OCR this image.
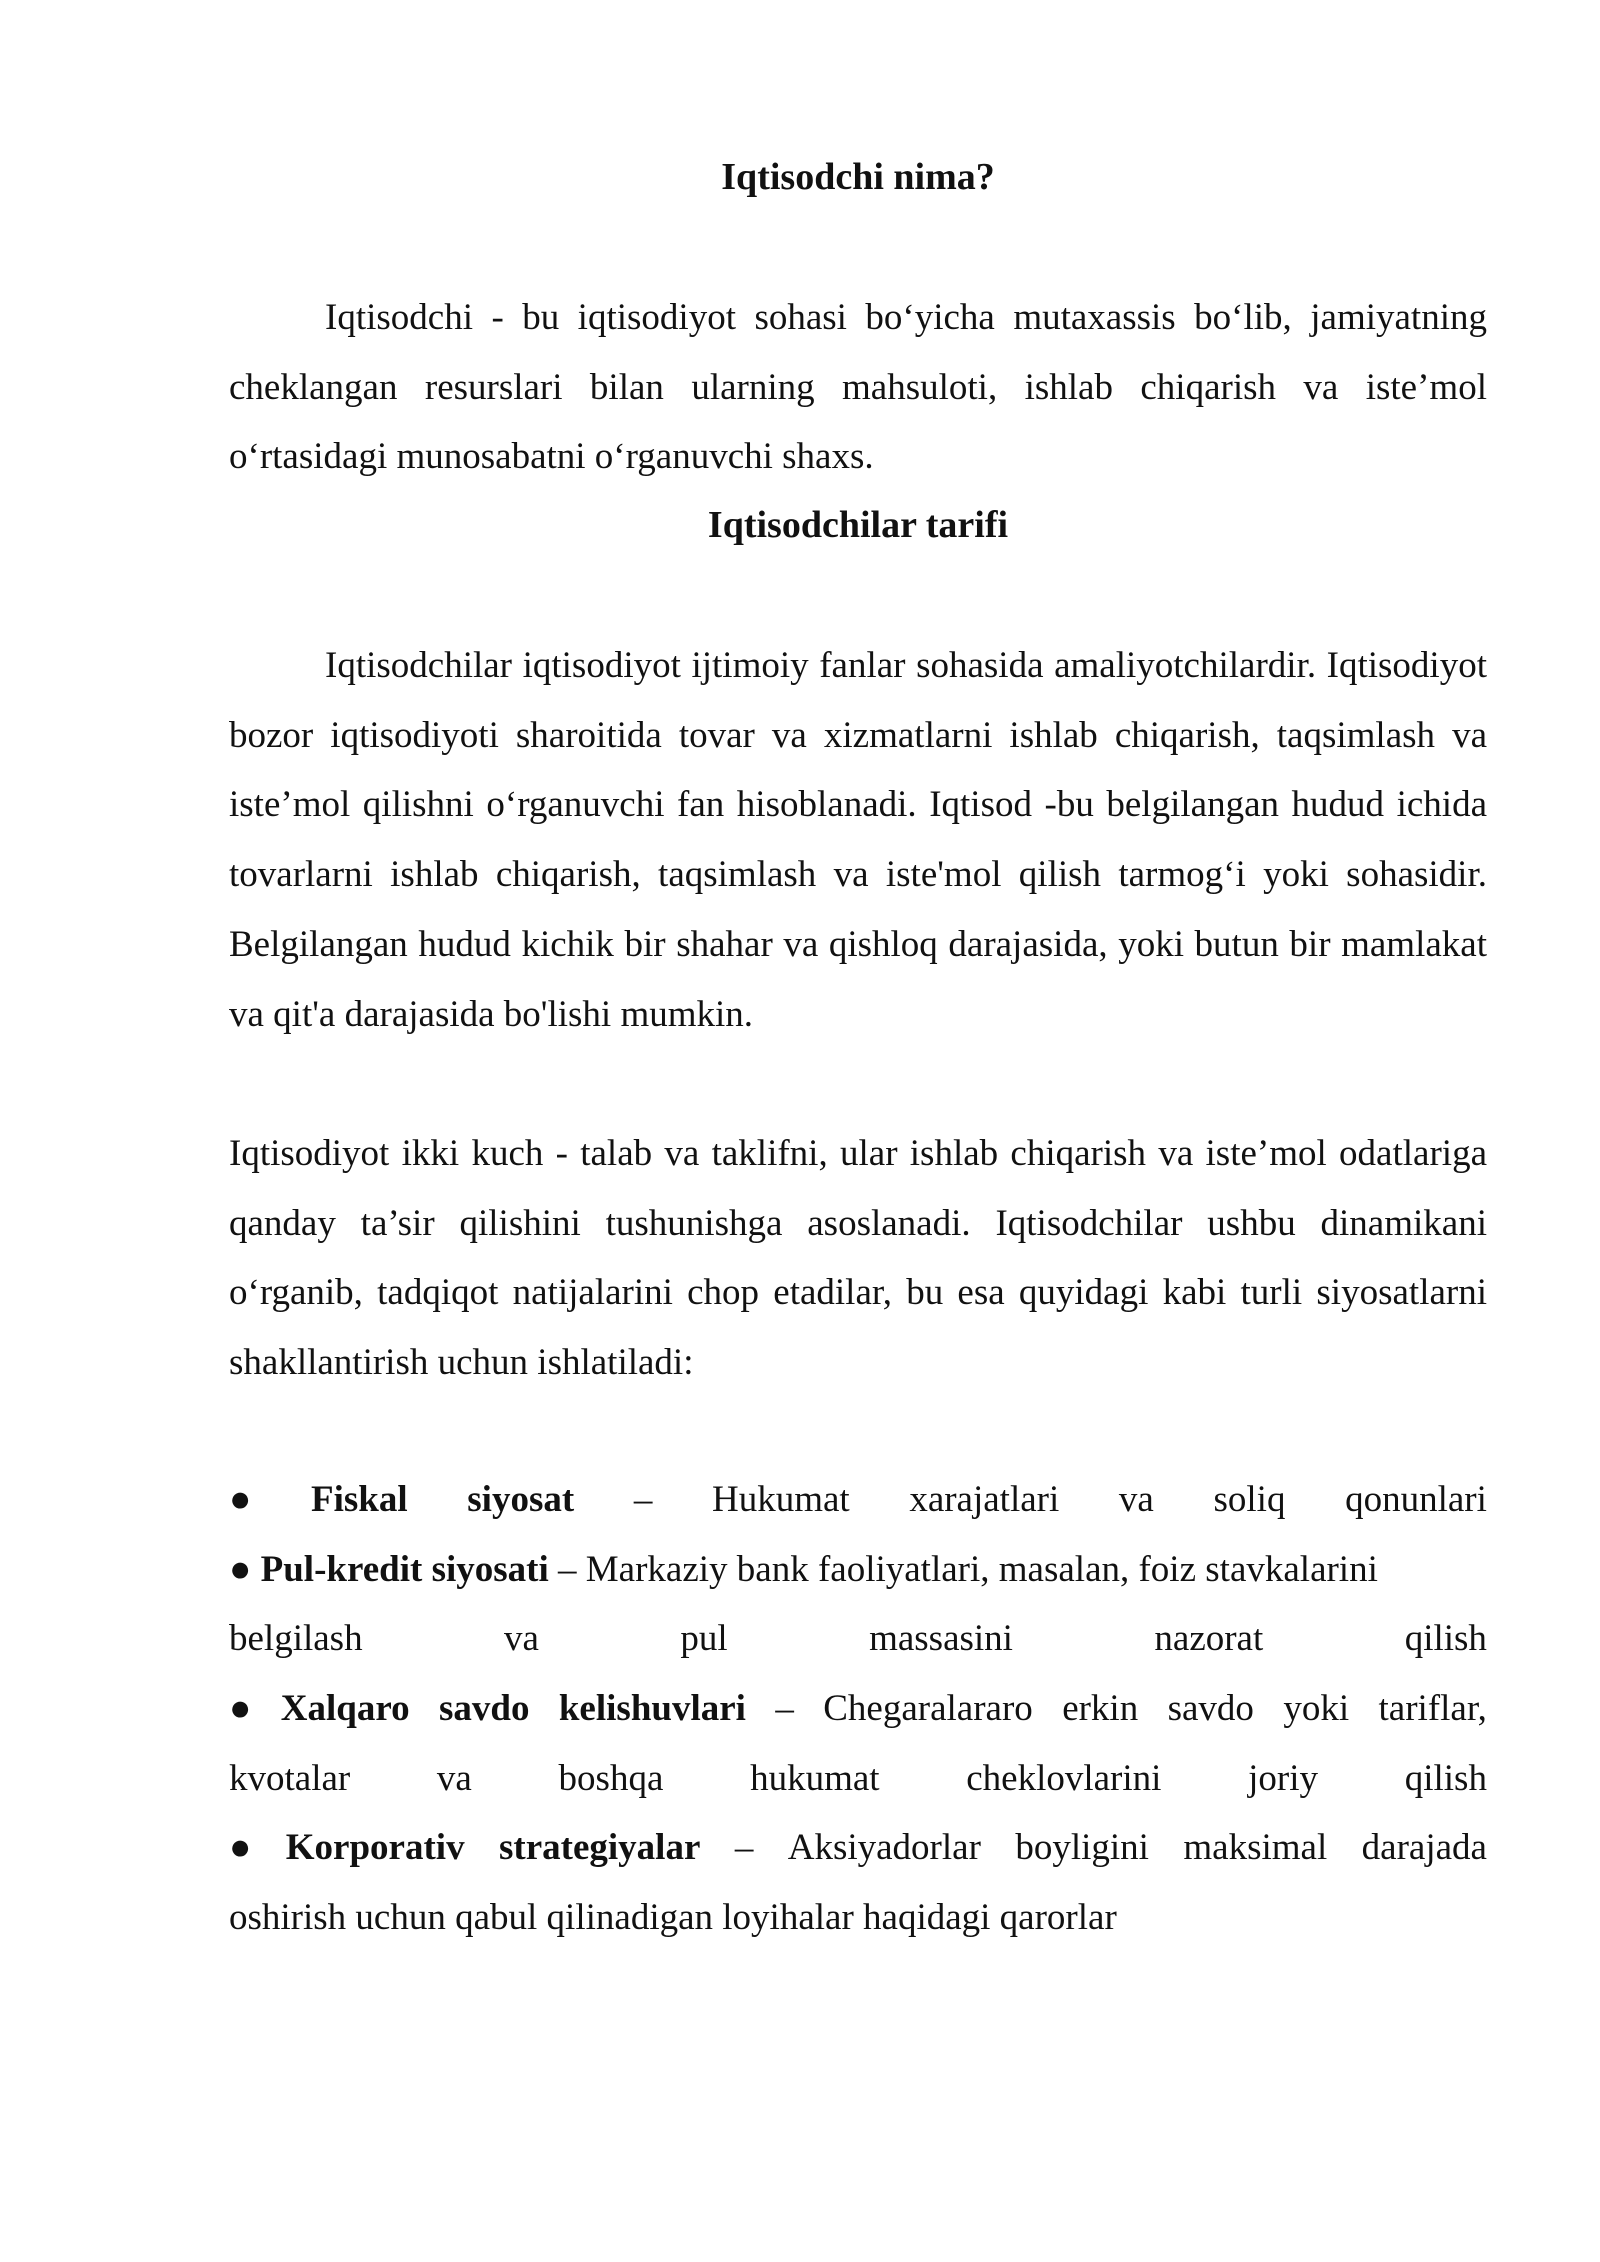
Iqtisodchi nima?

Iqtisodchi - bu iqtisodiyot sohasi bo‘yicha mutaxassis bo‘lib, jamiyatning cheklangan resurslari bilan ularning mahsuloti, ishlab chiqarish va iste’mol o‘rtasidagi munosabatni o‘rganuvchi shaxs.

Iqtisodchilar tarifi

Iqtisodchilar iqtisodiyot ijtimoiy fanlar sohasida amaliyotchilardir. Iqtisodiyot bozor iqtisodiyoti sharoitida tovar va xizmatlarni ishlab chiqarish, taqsimlash va iste’mol qilishni o‘rganuvchi fan hisoblanadi. Iqtisod -bu belgilangan hudud ichida tovarlarni ishlab chiqarish, taqsimlash va iste'mol qilish tarmog‘i yoki sohasidir. Belgilangan hudud kichik bir shahar va qishloq darajasida, yoki butun bir mamlakat va qit'a darajasida bo'lishi mumkin.

Iqtisodiyot ikki kuch - talab va taklifni, ular ishlab chiqarish va iste’mol odatlariga qanday ta’sir qilishini tushunishga asoslanadi. Iqtisodchilar ushbu dinamikani o‘rganib, tadqiqot natijalarini chop etadilar, bu esa quyidagi kabi turli siyosatlarni shakllantirish uchun ishlatiladi:

● Fiskal siyosat – Hukumat xarajatlari va soliq qonunlari
● Pul-kredit siyosati – Markaziy bank faoliyatlari, masalan, foiz stavkalarini
belgilash	va	pul	massasini	nazorat	qilish
● Xalqaro savdo kelishuvlari – Chegaralararo erkin savdo yoki tariflar,
kvotalar va boshqa hukumat cheklovlarini joriy qilish
● Korporativ strategiyalar – Aksiyadorlar boyligini maksimal darajada
oshirish uchun qabul qilinadigan loyihalar haqidagi qarorlar
